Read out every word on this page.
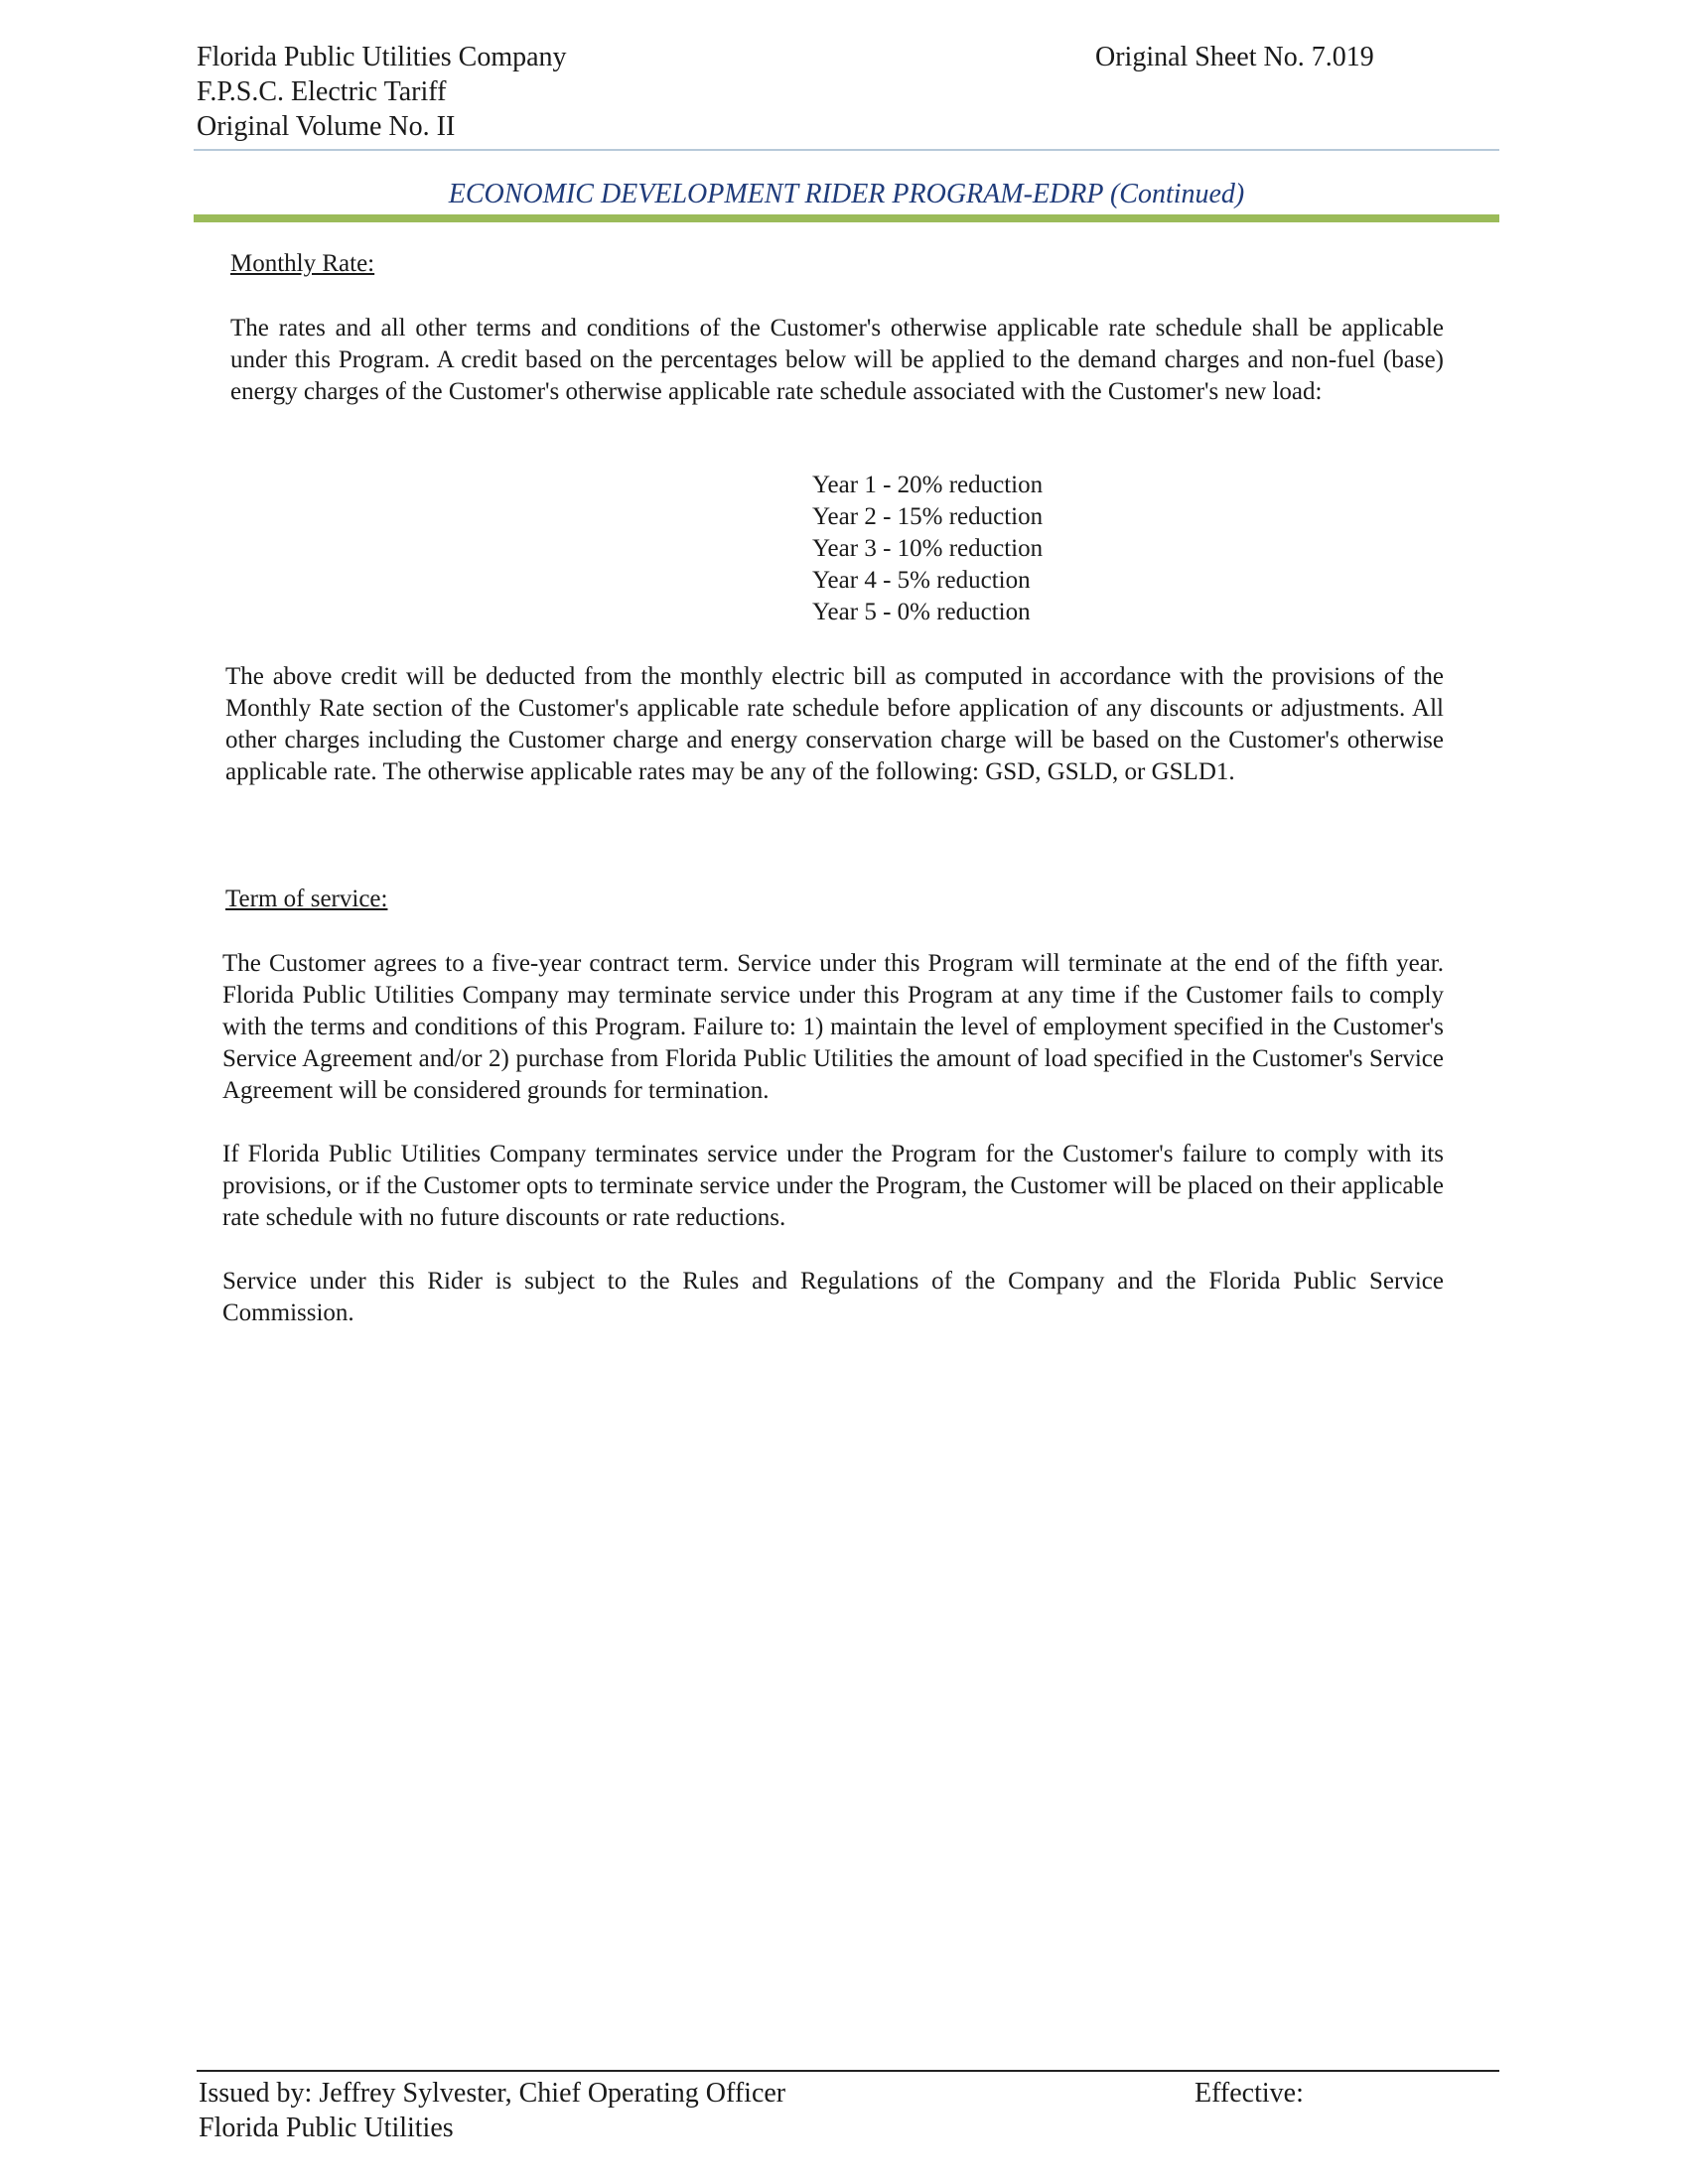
Florida Public Utilities Company
F.P.S.C. Electric Tariff
Original Volume No. II
Original Sheet No. 7.019
ECONOMIC DEVELOPMENT RIDER PROGRAM-EDRP (Continued)
Monthly Rate:

The rates and all other terms and conditions of the Customer's otherwise applicable rate schedule shall be applicable under this Program. A credit based on the percentages below will be applied to the demand charges and non-fuel (base) energy charges of the Customer's otherwise applicable rate schedule associated with the Customer's new load:

Year 1 - 20% reduction
Year 2 - 15% reduction
Year 3 - 10% reduction
Year 4 - 5% reduction
Year 5 - 0% reduction

The above credit will be deducted from the monthly electric bill as computed in accordance with the provisions of the Monthly Rate section of the Customer's applicable rate schedule before application of any discounts or adjustments. All other charges including the Customer charge and energy conservation charge will be based on the Customer's otherwise applicable rate. The otherwise applicable rates may be any of the following: GSD, GSLD, or GSLD1.

Term of service:

The Customer agrees to a five-year contract term. Service under this Program will terminate at the end of the fifth year. Florida Public Utilities Company may terminate service under this Program at any time if the Customer fails to comply with the terms and conditions of this Program. Failure to: 1) maintain the level of employment specified in the Customer's Service Agreement and/or 2) purchase from Florida Public Utilities the amount of load specified in the Customer's Service Agreement will be considered grounds for termination.

If Florida Public Utilities Company terminates service under the Program for the Customer's failure to comply with its provisions, or if the Customer opts to terminate service under the Program, the Customer will be placed on their applicable rate schedule with no future discounts or rate reductions.

Service under this Rider is subject to the Rules and Regulations of the Company and the Florida Public Service Commission.

Issued by: Jeffrey Sylvester, Chief Operating Officer
Florida Public Utilities
Effective:
